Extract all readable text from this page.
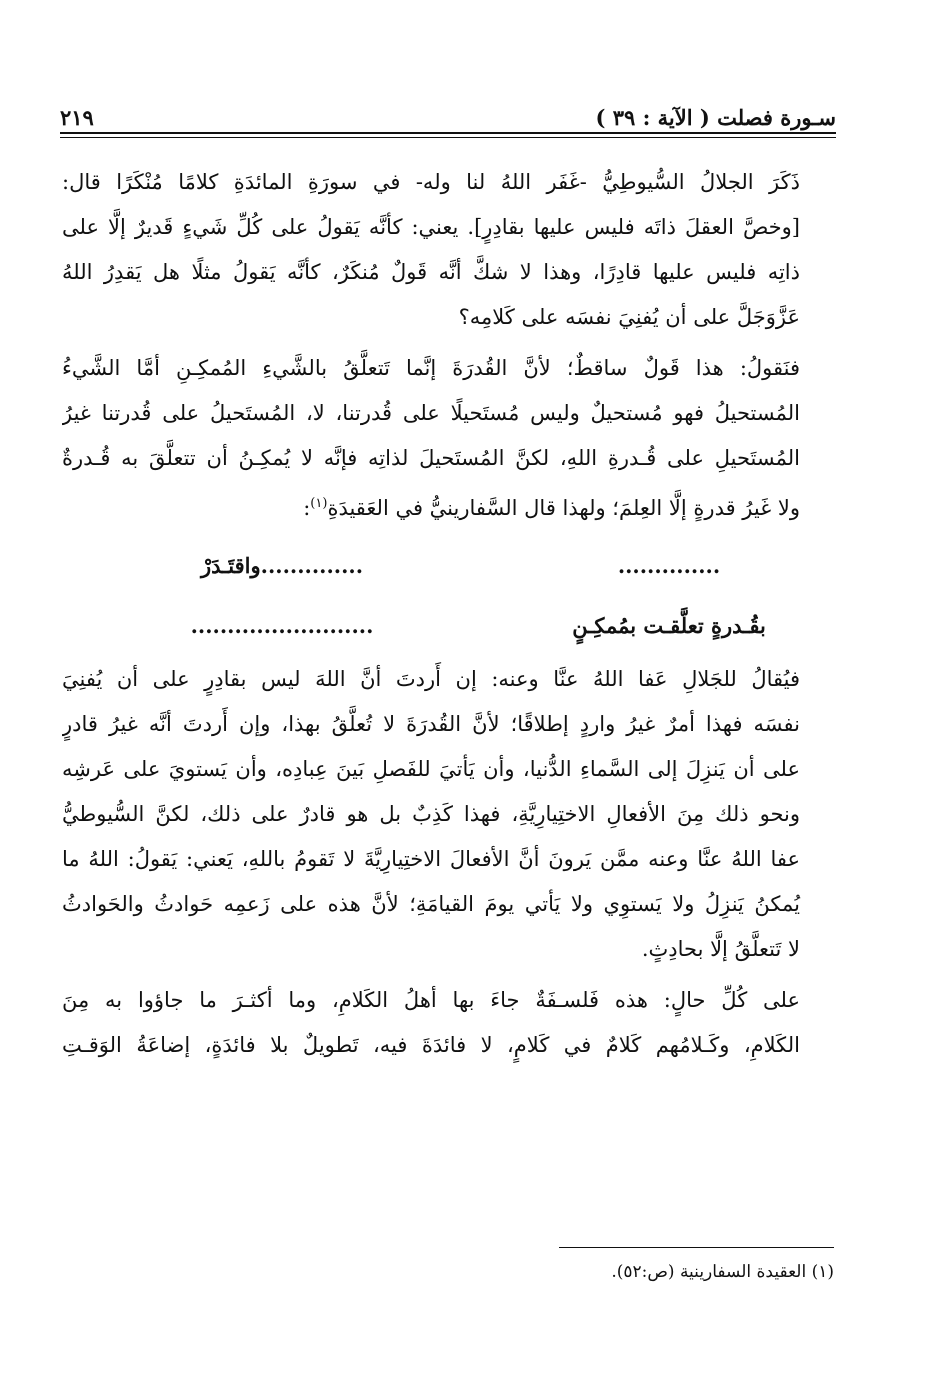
سـورة فصلت ( الآية : ٣٩ )
٢١٩
ذَكَرَ الجلالُ السُّيوطِيُّ -غَفَر اللهُ لنا وله- في سورَةِ المائدَةِ كلامًا مُنْكَرًا قال:
[وخصَّ العقلَ ذاتَه فليس عليها بقادِرٍ]. يعني: كأنَّه يَقولُ على كُلِّ شَيءٍ قَديرٌ إلَّا على
ذاتِه فليس عليها قادِرًا، وهذا لا شكَّ أنَّه قَولٌ مُنكَرٌ، كأنَّه يَقولُ مثلًا هل يَقدِرُ اللهُ
عَزَّوَجَلَّ على أن يُفنِيَ نفسَه على كَلامِه؟
فنَقولُ: هذا قَولٌ ساقطٌ؛ لأنَّ القُدرَةَ إنَّما تَتعلَّقُ بالشَّيءِ المُمكِـنِ أمَّا الشَّيءُ
المُستحيلُ فهو مُستحيلٌ وليس مُستَحيلًا على قُدرتنا، لا، المُستَحيلُ على قُدرتنا غيرُ
المُستَحيلِ على قُـدرةِ اللهِ، لكنَّ المُستَحيلَ لذاتِه فإنَّه لا يُمكِـنُ أن تتعلَّقَ به قُـدرةٌ
ولا غَيرُ قدرةٍ إلَّا العِلمَ؛ ولهذا قال السَّفارينيُّ في العَقيدَةِ$^{(١)}$:
..............
..............واقتَـدَرْ
بقُـدرةٍ تعلَّقـت بمُمكِـنٍ
.........................
فيُقالُ للجَلالِ عَفا اللهُ عنَّا وعنه: إن أَردتَ أنَّ اللهَ ليس بقادِرٍ على أن يُفنِيَ
نفسَه فهذا أمرٌ غيرُ واردٍ إطلاقًا؛ لأنَّ القُدرَةَ لا تُعلَّقُ بهذا، وإن أَردتَ أنَّه غيرُ قادرٍ
على أن يَنزِلَ إلى السَّماءِ الدُّنيا، وأن يَأتيَ للفَصلِ بَينَ عِبادِه، وأن يَستويَ على عَرشِه
ونحو ذلك مِنَ الأفعالِ الاختِيارِيَّةِ، فهذا كَذِبٌ بل هو قادرٌ على ذلك، لكنَّ السُّيوطيُّ
عفا اللهُ عنَّا وعنه ممَّن يَرونَ أنَّ الأفعالَ الاختِيارِيَّةَ لا تَقومُ باللهِ، يَعني: يَقولُ: اللهُ ما
يُمكنُ يَنزِلُ ولا يَستوِي ولا يَأتي يومَ القيامَةِ؛ لأنَّ هذه على زَعمِه حَوادثُ والحَوادثُ
لا تَتعلَّقُ إلَّا بحادِثٍ.
على كُلِّ حالٍ: هذه فَلسـفَةٌ جاءَ بها أهلُ الكَلامِ، وما أكثـرَ ما جاؤوا به مِنَ
الكَلامِ، وكَـلامُهم كَلامٌ في كَلامٍ، لا فائدَةَ فيه، تَطويلٌ بلا فائدَةٍ، إضاعَةُ الوَقـتِ
(١) العقيدة السفارينية (ص:٥٢).
